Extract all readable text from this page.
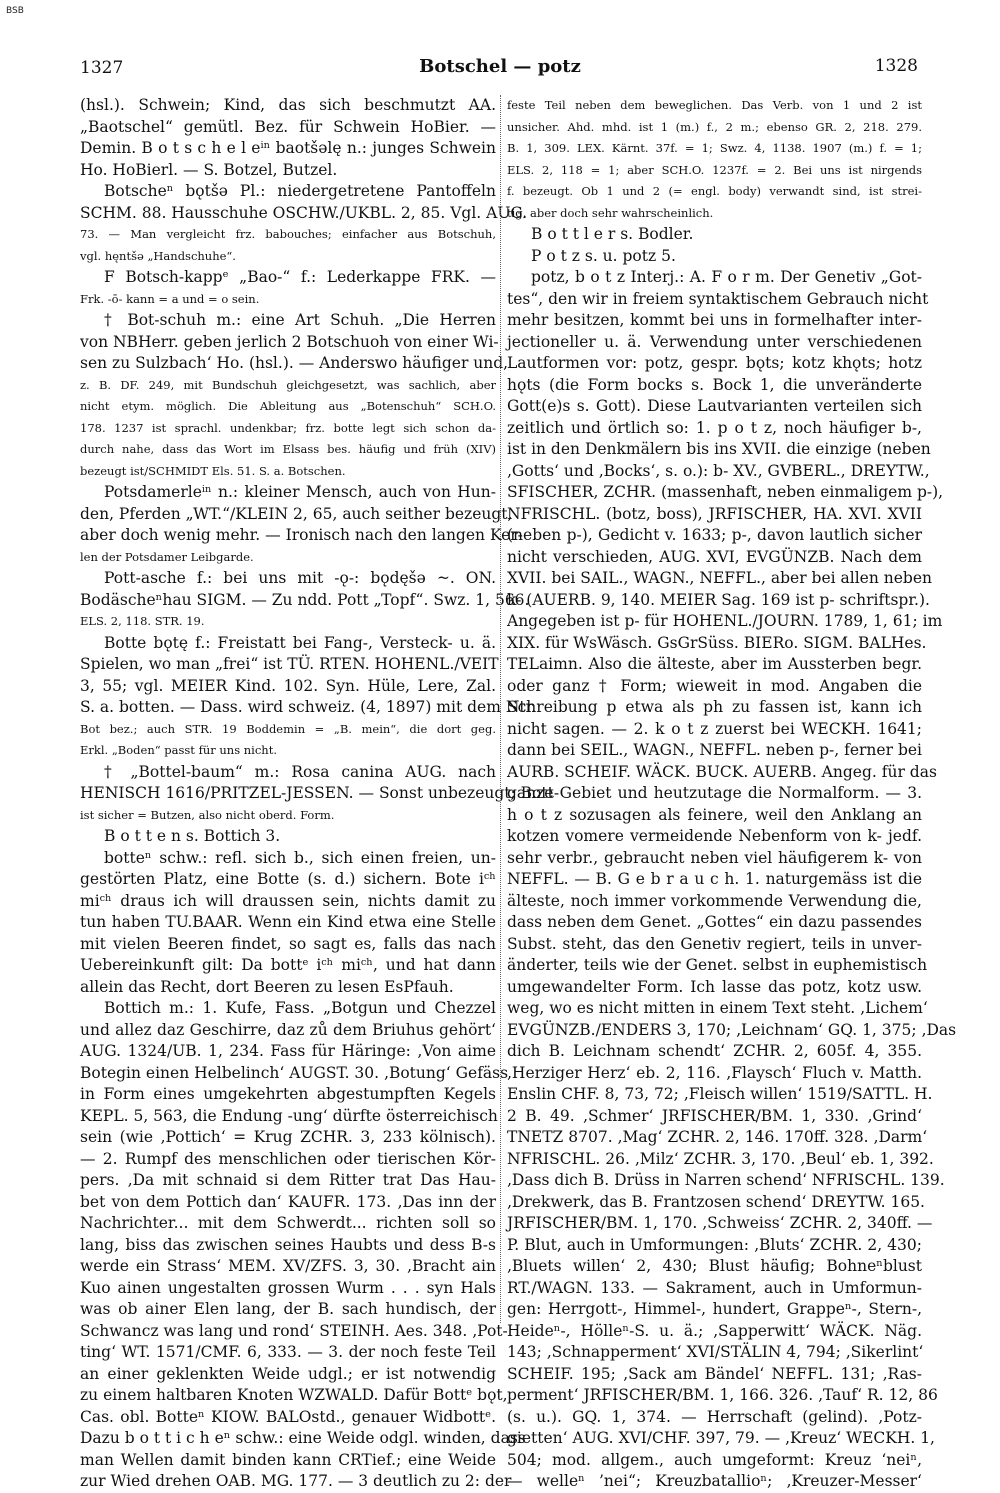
BSB
1327	Botschel — potz	1328
(hsl.). Schwein; Kind, das sich beschmutzt AA.
„Baotschel“ gemütl. Bez. für Schwein HoBier. —
Demin. B o t s c h e l eⁱⁿ baotšəlę n.: junges Schwein
Ho. HoBierl. — S. Botzel, Butzel.
Botscheⁿ bǫtšə Pl.: niedergetretene Pantoffeln
SCHM. 88. Hausschuhe OSCHW./UKBL. 2, 85. Vgl. AUG.
73. — Man vergleicht frz. babouches; einfacher aus Botschuh,
vgl. hęntšə „Handschuhe“.
F Botsch-kappᵉ „Bao-“ f.: Lederkappe FRK. —
Frk. -ō- kann = a und = o sein.
† Bot-schuh m.: eine Art Schuh. „Die Herren
von NBHerr. geben jerlich 2 Botschuoh von einer Wi-
sen zu Sulzbach‘ Ho. (hsl.). — Anderswo häufiger und,
z. B. DF. 249, mit Bundschuh gleichgesetzt, was sachlich, aber
nicht etym. möglich. Die Ableitung aus „Botenschuh“ SCH.O.
178. 1237 ist sprachl. undenkbar; frz. botte legt sich schon da-
durch nahe, dass das Wort im Elsass bes. häufig und früh (XIV)
bezeugt ist/SCHMIDT Els. 51. S. a. Botschen.
Potsdamerleⁱⁿ n.: kleiner Mensch, auch von Hun-
den, Pferden „WT.“/KLEIN 2, 65, auch seither bezeugt,
aber doch wenig mehr. — Ironisch nach den langen Ker-
len der Potsdamer Leibgarde.
Pott-asche f.: bei uns mit -ǫ-: bǫdęšə ~. ON.
Bodäscheⁿhau SIGM. — Zu ndd. Pott „Topf“. Swz. 1, 566.
ELS. 2, 118. STR. 19.
Botte bǫtę f.: Freistatt bei Fang-, Versteck- u. ä.
Spielen, wo man „frei“ ist TÜ. RTEN. HOHENL./VEIT
3, 55; vgl. MEIER Kind. 102. Syn. Hüle, Lere, Zal.
S. a. botten. — Dass. wird schweiz. (4, 1897) mit dem Ntr.
Bot bez.; auch STR. 19 Boddemin = „B. mein“, die dort geg.
Erkl. „Boden“ passt für uns nicht.
† „Bottel-baum“ m.: Rosa canina AUG. nach
HENISCH 1616/PRITZEL-JESSEN. — Sonst unbezeugt; Bott-
ist sicher = Butzen, also nicht oberd. Form.
B o t t e n s. Bottich 3.
botteⁿ schw.: refl. sich b., sich einen freien, un-
gestörten Platz, eine Botte (s. d.) sichern. Bote iᶜʰ
miᶜʰ draus ich will draussen sein, nichts damit zu
tun haben TU.BAAR. Wenn ein Kind etwa eine Stelle
mit vielen Beeren findet, so sagt es, falls das nach
Uebereinkunft gilt: Da bottᵉ iᶜʰ miᶜʰ, und hat dann
allein das Recht, dort Beeren zu lesen EsPfauh.
Bottich m.: 1. Kufe, Fass. „Botgun und Chezzel
und allez daz Geschirre, daz zů dem Briuhus gehört‘
AUG. 1324/UB. 1, 234. Fass für Häringe: ‚Von aime
Botegin einen Helbelinch‘ AUGST. 30. ‚Botung‘ Gefäss
in Form eines umgekehrten abgestumpften Kegels
KEPL. 5, 563, die Endung -ung‘ dürfte österreichisch
sein (wie ‚Pottich‘ = Krug ZCHR. 3, 233 kölnisch).
— 2. Rumpf des menschlichen oder tierischen Kör-
pers. ‚Da mit schnaid si dem Ritter trat Das Hau-
bet von dem Pottich dan‘ KAUFR. 173. ‚Das inn der
Nachrichter... mit dem Schwerdt... richten soll so
lang, biss das zwischen seines Haubts und dess B-s
werde ein Strass‘ MEM. XV/ZFS. 3, 30. ‚Bracht ain
Kuo ainen ungestalten grossen Wurm . . . syn Hals
was ob ainer Elen lang, der B. sach hundisch, der
Schwancz was lang und rond‘ STEINH. Aes. 348. ‚Pot-
ting‘ WT. 1571/CMF. 6, 333. — 3. der noch feste Teil
an einer geklenkten Weide udgl.; er ist notwendig
zu einem haltbaren Knoten WZWALD. Dafür Bottᵉ bǫt,
Cas. obl. Botteⁿ KIOW. BALOstd., genauer Widbottᵉ.
Dazu b o t t i c h eⁿ schw.: eine Weide odgl. winden, dass
man Wellen damit binden kann CRTief.; eine Weide
zur Wied drehen OAB. MG. 177. — 3 deutlich zu 2: der
feste Teil neben dem beweglichen. Das Verb. von 1 und 2 ist
unsicher. Ahd. mhd. ist 1 (m.) f., 2 m.; ebenso GR. 2, 218. 279.
B. 1, 309. LEX. Kärnt. 37f. = 1; Swz. 4, 1138. 1907 (m.) f. = 1;
ELS. 2, 118 = 1; aber SCH.O. 1237f. = 2. Bei uns ist nirgends
f. bezeugt. Ob 1 und 2 (= engl. body) verwandt sind, ist strei-
tig, aber doch sehr wahrscheinlich.
B o t t l e r s. Bodler.
P o t z s. u. potz 5.
potz, b o t z Interj.: A. F o r m. Der Genetiv „Got-
tes“, den wir in freiem syntaktischem Gebrauch nicht
mehr besitzen, kommt bei uns in formelhafter inter-
jectioneller u. ä. Verwendung unter verschiedenen
Lautformen vor: potz, gespr. bǫts; kotz khǫts; hotz
hǫts (die Form bocks s. Bock 1, die unveränderte
Gott(e)s s. Gott). Diese Lautvarianten verteilen sich
zeitlich und örtlich so: 1. p o t z, noch häufiger b-,
ist in den Denkmälern bis ins XVII. die einzige (neben
‚Gotts‘ und ‚Bocks‘, s. o.): b- XV., GVBERL., DREYTW.,
SFISCHER, ZCHR. (massenhaft, neben einmaligem p-),
NFRISCHL. (botz, boss), JRFISCHER, HA. XVI. XVII
(neben p-), Gedicht v. 1633; p-, davon lautlich sicher
nicht verschieden, AUG. XVI, EVGÜNZB. Nach dem
XVII. bei SAIL., WAGN., NEFFL., aber bei allen neben
k- (AUERB. 9, 140. MEIER Sag. 169 ist p- schriftspr.).
Angegeben ist p- für HOHENL./JOURN. 1789, 1, 61; im
XIX. für WsWäsch. GsGrSüss. BIERo. SIGM. BALHes.
TELaimn. Also die älteste, aber im Aussterben begr.
oder ganz † Form; wieweit in mod. Angaben die
Schreibung p etwa als ph zu fassen ist, kann ich
nicht sagen. — 2. k o t z zuerst bei WECKH. 1641;
dann bei SEIL., WAGN., NEFFL. neben p-, ferner bei
AURB. SCHEIF. WÄCK. BUCK. AUERB. Angeg. für das
ganze Gebiet und heutzutage die Normalform. — 3.
h o t z sozusagen als feinere, weil den Anklang an
kotzen vomere vermeidende Nebenform von k- jedf.
sehr verbr., gebraucht neben viel häufigerem k- von
NEFFL. — B. G e b r a u c h. 1. naturgemäss ist die
älteste, noch immer vorkommende Verwendung die,
dass neben dem Genet. „Gottes“ ein dazu passendes
Subst. steht, das den Genetiv regiert, teils in unver-
änderter, teils wie der Genet. selbst in euphemistisch
umgewandelter Form. Ich lasse das potz, kotz usw.
weg, wo es nicht mitten in einem Text steht. ‚Lichem‘
EVGÜNZB./ENDERS 3, 170; ‚Leichnam‘ GQ. 1, 375; ‚Das
dich B. Leichnam schendt‘ ZCHR. 2, 605f. 4, 355.
‚Herziger Herz‘ eb. 2, 116. ‚Flaysch‘ Fluch v. Matth.
Enslin CHF. 8, 73, 72; ‚Fleisch willen‘ 1519/SATTL. H.
2 B. 49. ‚Schmer‘ JRFISCHER/BM. 1, 330. ‚Grind‘
TNETZ 8707. ‚Mag‘ ZCHR. 2, 146. 170ff. 328. ‚Darm‘
NFRISCHL. 26. ‚Milz‘ ZCHR. 3, 170. ‚Beul‘ eb. 1, 392.
‚Dass dich B. Drüss in Narren schend‘ NFRISCHL. 139.
‚Drekwerk, das B. Frantzosen schend‘ DREYTW. 165.
JRFISCHER/BM. 1, 170. ‚Schweiss‘ ZCHR. 2, 340ff. —
P. Blut, auch in Umformungen: ‚Bluts‘ ZCHR. 2, 430;
‚Bluets willen‘ 2, 430; Blust häufig; Bohneⁿblust
RT./WAGN. 133. — Sakrament, auch in Umformun-
gen: Herrgott-, Himmel-, hundert, Grappeⁿ-, Stern-,
Heideⁿ-, Hölleⁿ-S. u. ä.; ‚Sapperwitt‘ WÄCK. Näg.
143; ‚Schnapperment‘ XVI/STÄLIN 4, 794; ‚Sikerlint‘
SCHEIF. 195; ‚Sack am Bändel‘ NEFFL. 131; ‚Ras-
perment‘ JRFISCHER/BM. 1, 166. 326. ‚Tauf‘ R. 12, 86
(s. u.). GQ. 1, 374. — Herrschaft (gelind). ‚Potz-
gietten‘ AUG. XVI/CHF. 397, 79. — ‚Kreuz‘ WECKH. 1,
504; mod. allgem., auch umgeformt: Kreuz ‘neiⁿ,
— welleⁿ ’nei“; Kreuzbatallioⁿ; ‚Kreuzer-Messer‘
